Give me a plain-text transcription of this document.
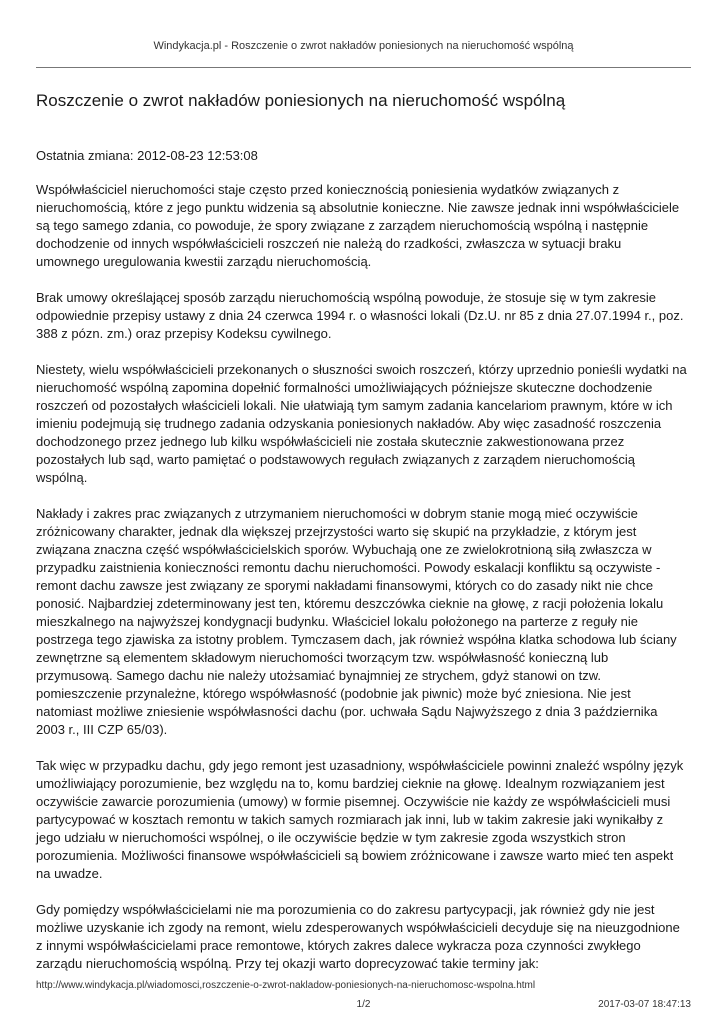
Windykacja.pl - Roszczenie o zwrot nakładów poniesionych na nieruchomość wspólną
Roszczenie o zwrot nakładów poniesionych na nieruchomość wspólną

Ostatnia zmiana: 2012-08-23 12:53:08

Współwłaściciel nieruchomości staje często przed koniecznością poniesienia wydatków związanych z nieruchomością, które z jego punktu widzenia są absolutnie konieczne. Nie zawsze jednak inni współwłaściciele są tego samego zdania, co powoduje, że spory związane z zarządem nieruchomością wspólną i następnie dochodzenie od innych współwłaścicieli roszczeń nie należą do rzadkości, zwłaszcza w sytuacji braku umownego uregulowania kwestii zarządu nieruchomością.

Brak umowy określającej sposób zarządu nieruchomością wspólną powoduje, że stosuje się w tym zakresie odpowiednie przepisy ustawy z dnia 24 czerwca 1994 r. o własności lokali (Dz.U. nr 85 z dnia 27.07.1994 r., poz. 388 z pózn. zm.) oraz przepisy Kodeksu cywilnego.

Niestety, wielu współwłaścicieli przekonanych o słuszności swoich roszczeń, którzy uprzednio ponieśli wydatki na nieruchomość wspólną zapomina dopełnić formalności umożliwiających późniejsze skuteczne dochodzenie roszczeń od pozostałych właścicieli lokali. Nie ułatwiają tym samym zadania kancelariom prawnym, które w ich imieniu podejmują się trudnego zadania odzyskania poniesionych nakładów. Aby więc zasadność roszczenia dochodzonego przez jednego lub kilku współwłaścicieli nie została skutecznie zakwestionowana przez pozostałych lub sąd, warto pamiętać o podstawowych regułach związanych z zarządem nieruchomością wspólną.

Nakłady i zakres prac związanych z utrzymaniem nieruchomości w dobrym stanie mogą mieć oczywiście zróżnicowany charakter, jednak dla większej przejrzystości warto się skupić na przykładzie, z którym jest związana znaczna część współwłaścicielskich sporów. Wybuchają one ze zwielokrotnioną siłą zwłaszcza w przypadku zaistnienia konieczności remontu dachu nieruchomości. Powody eskalacji konfliktu są oczywiste - remont dachu zawsze jest związany ze sporymi nakładami finansowymi, których co do zasady nikt nie chce ponosić. Najbardziej zdeterminowany jest ten, któremu deszczówka cieknie na głowę, z racji położenia lokalu mieszkalnego na najwyższej kondygnacji budynku. Właściciel lokalu położonego na parterze z reguły nie postrzega tego zjawiska za istotny problem. Tymczasem dach, jak również współna klatka schodowa lub ściany zewnętrzne są elementem składowym nieruchomości tworzącym tzw. współwłasność konieczną lub przymusową. Samego dachu nie należy utożsamiać bynajmniej ze strychem, gdyż stanowi on tzw. pomieszczenie przynależne, którego współwłasność (podobnie jak piwnic) może być zniesiona. Nie jest natomiast możliwe zniesienie współwłasności dachu (por. uchwała Sądu Najwyższego z dnia 3 października 2003 r., III CZP 65/03).

Tak więc w przypadku dachu, gdy jego remont jest uzasadniony, współwłaściciele powinni znaleźć wspólny język umożliwiający porozumienie, bez względu na to, komu bardziej cieknie na głowę. Idealnym rozwiązaniem jest oczywiście zawarcie porozumienia (umowy) w formie pisemnej. Oczywiście nie każdy ze współwłaścicieli musi partycypować w kosztach remontu w takich samych rozmiarach jak inni, lub w takim zakresie jaki wynikałby z jego udziału w nieruchomości wspólnej, o ile oczywiście będzie w tym zakresie zgoda wszystkich stron porozumienia. Możliwości finansowe współwłaścicieli są bowiem zróżnicowane i zawsze warto mieć ten aspekt na uwadze.

Gdy pomiędzy współwłaścicielami nie ma porozumienia co do zakresu partycypacji, jak również gdy nie jest możliwe uzyskanie ich zgody na remont, wielu zdesperowanych współwłaścicieli decyduje się na nieuzgodnione z innymi współwłaścicielami prace remontowe, których zakres dalece wykracza poza czynności zwykłego zarządu nieruchomością wspólną. Przy tej okazji warto doprecyzować takie terminy jak:

http://www.windykacja.pl/wiadomosci,roszczenie-o-zwrot-nakladow-poniesionych-na-nieruchomosc-wspolna.html
1/2	2017-03-07 18:47:13
